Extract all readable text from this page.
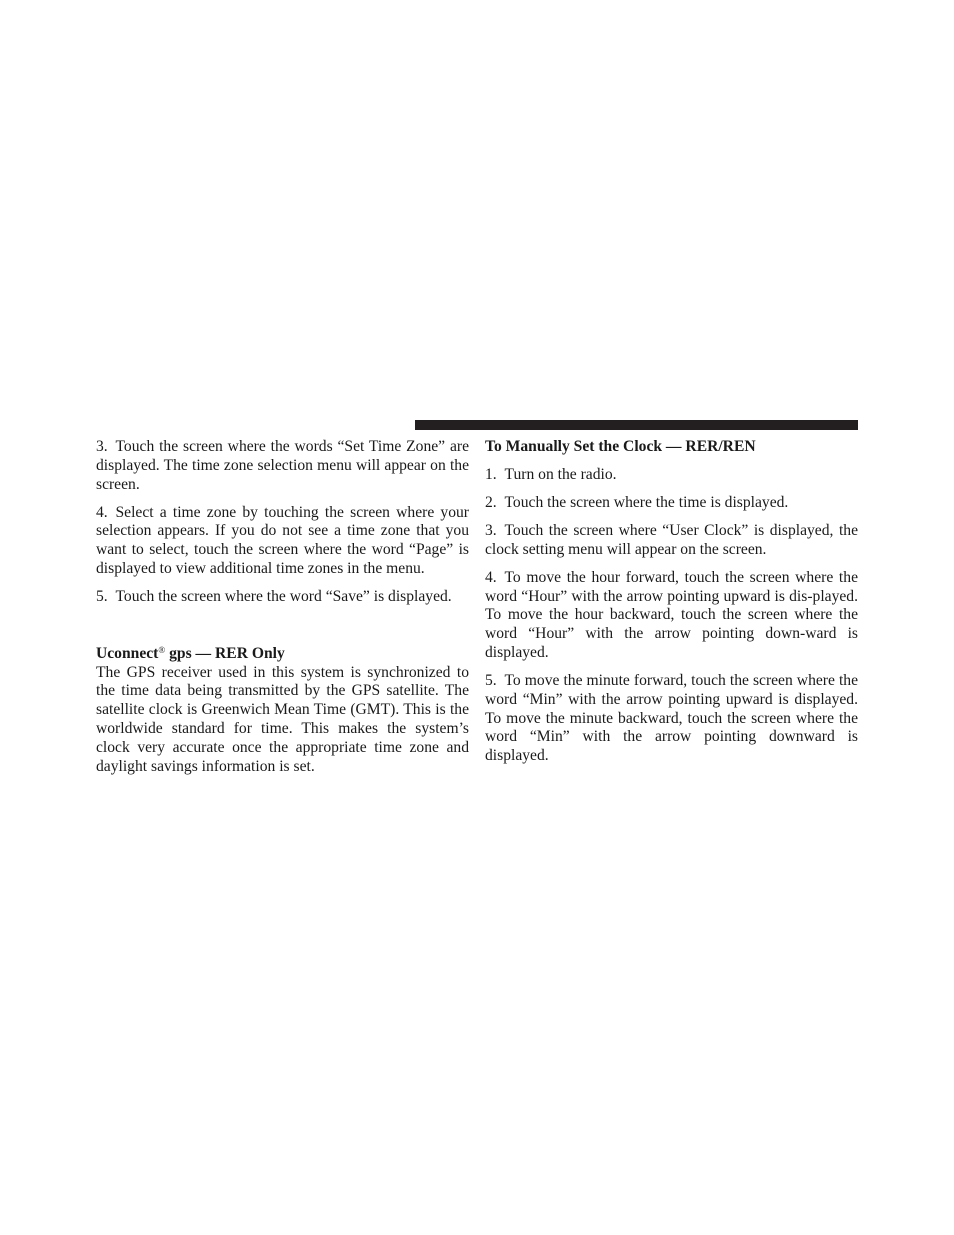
3. Touch the screen where the words “Set Time Zone” are displayed. The time zone selection menu will appear on the screen.

4. Select a time zone by touching the screen where your selection appears. If you do not see a time zone that you want to select, touch the screen where the word “Page” is displayed to view additional time zones in the menu.

5. Touch the screen where the word “Save” is displayed.

Uconnect® gps — RER Only

The GPS receiver used in this system is synchronized to the time data being transmitted by the GPS satellite. The satellite clock is Greenwich Mean Time (GMT). This is the worldwide standard for time. This makes the system’s clock very accurate once the appropriate time zone and daylight savings information is set.

To Manually Set the Clock — RER/REN

1. Turn on the radio.

2. Touch the screen where the time is displayed.

3. Touch the screen where “User Clock” is displayed, the clock setting menu will appear on the screen.

4. To move the hour forward, touch the screen where the word “Hour” with the arrow pointing upward is dis-played. To move the hour backward, touch the screen where the word “Hour” with the arrow pointing down-ward is displayed.

5. To move the minute forward, touch the screen where the word “Min” with the arrow pointing upward is displayed. To move the minute backward, touch the screen where the word “Min” with the arrow pointing downward is displayed.
